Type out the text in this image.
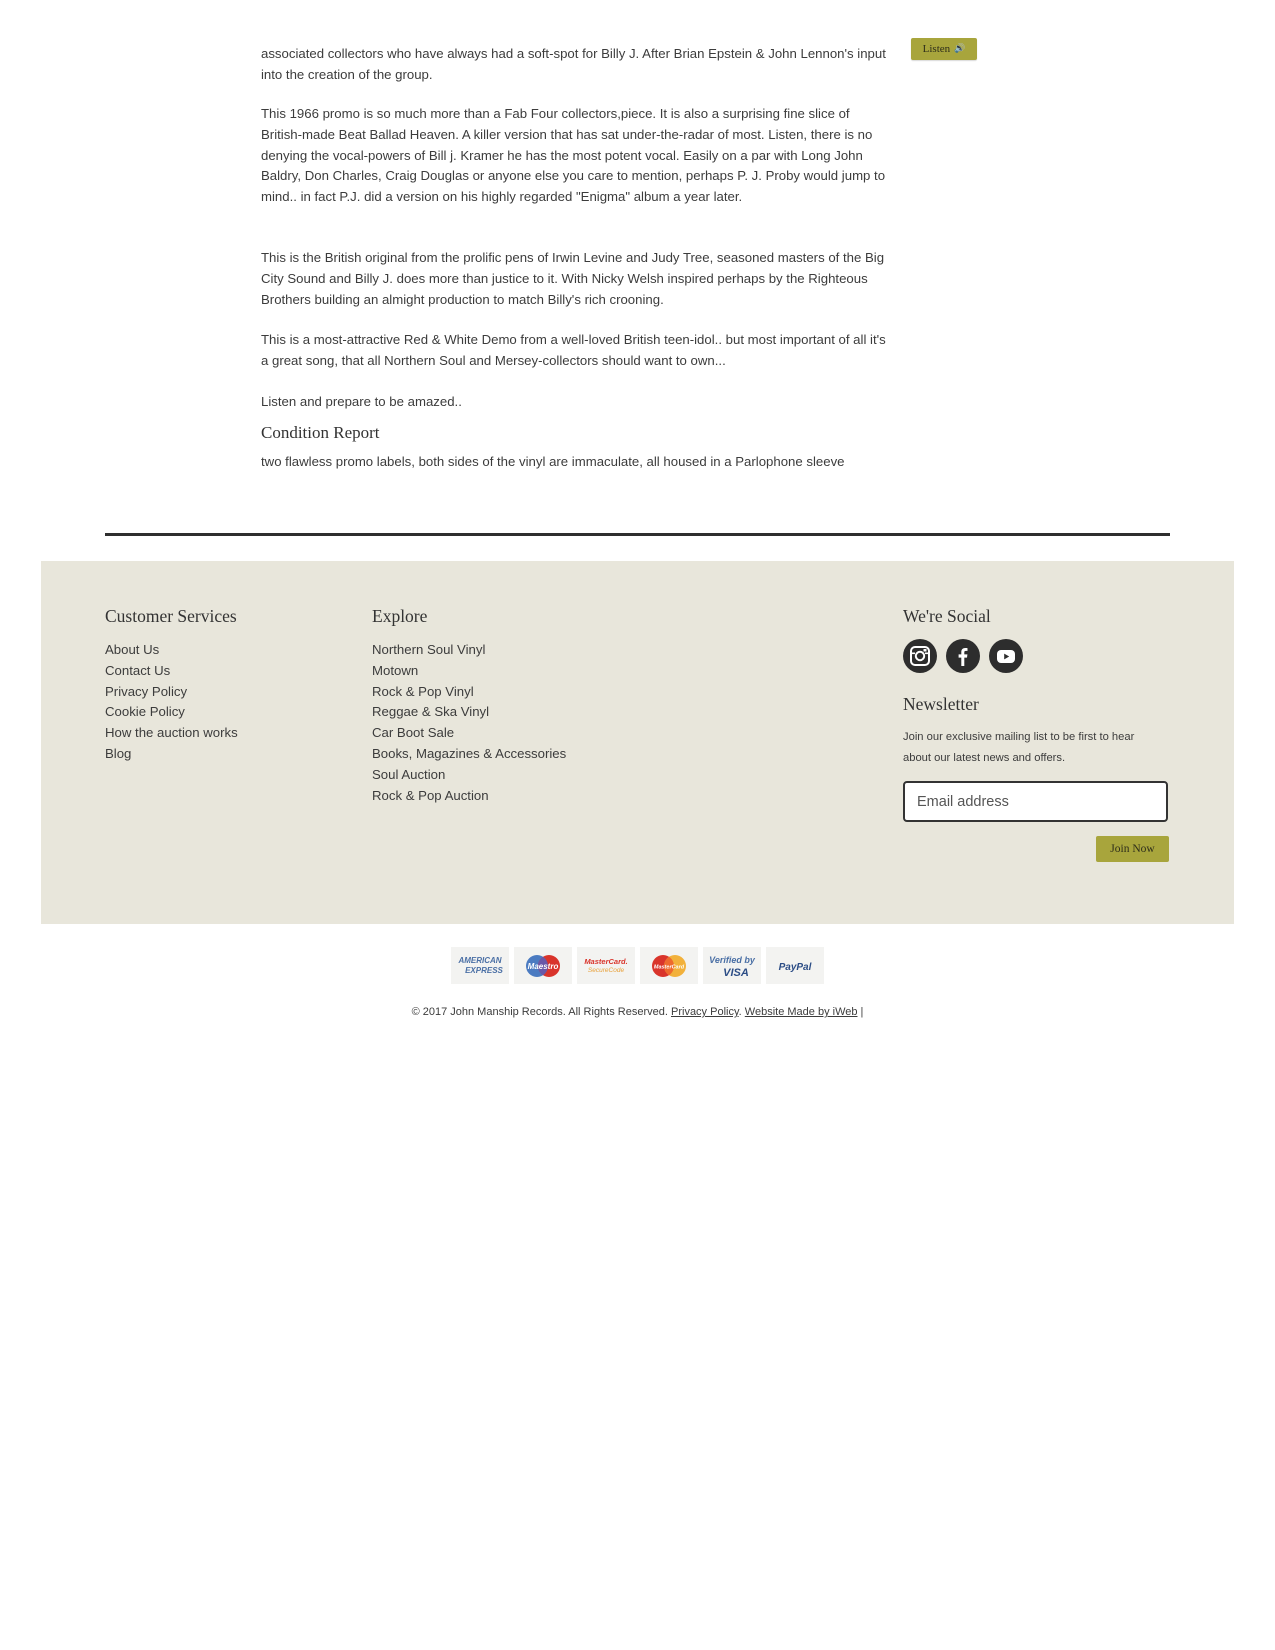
Listen 🔊

associated collectors who have always had a soft-spot for Billy J. After Brian Epstein & John Lennon's input into the creation of the group.

This 1966 promo is so much more than a Fab Four collectors,piece. It is also a surprising fine slice of British-made Beat Ballad Heaven. A killer version that has sat under-the-radar of most. Listen, there is no denying the vocal-powers of Bill j. Kramer he has the most potent vocal. Easily on a par with Long John Baldry, Don Charles, Craig Douglas or anyone else you care to mention, perhaps P. J. Proby would jump to mind.. in fact P.J. did a version on his highly regarded "Enigma" album a year later.

This is the British original from the prolific pens of Irwin Levine and Judy Tree, seasoned masters of the Big City Sound and Billy J. does more than justice to it. With Nicky Welsh inspired perhaps by the Righteous Brothers building an almight production to match Billy's rich crooning.

This is a most-attractive Red & White Demo from a well-loved British teen-idol.. but most important of all it's a great song, that all Northern Soul and Mersey-collectors should want to own...

Listen and prepare to be amazed..

Condition Report

two flawless promo labels, both sides of the vinyl are immaculate, all housed in a Parlophone sleeve

Customer Services
About Us
Contact Us
Privacy Policy
Cookie Policy
How the auction works
Blog
Explore
Northern Soul Vinyl
Motown
Rock & Pop Vinyl
Reggae & Ska Vinyl
Car Boot Sale
Books, Magazines & Accessories
Soul Auction
Rock & Pop Auction
We're Social
Newsletter

Join our exclusive mailing list to be first to hear about our latest news and offers.

Email address
Join Now
AMERICAN
EXPRESS	Maestro
MasterCard.
SecureCode	MasterCard
Verified by
VISA	PayPal
© 2017 John Manship Records. All Rights Reserved. Privacy Policy. Website Made by iWeb |
